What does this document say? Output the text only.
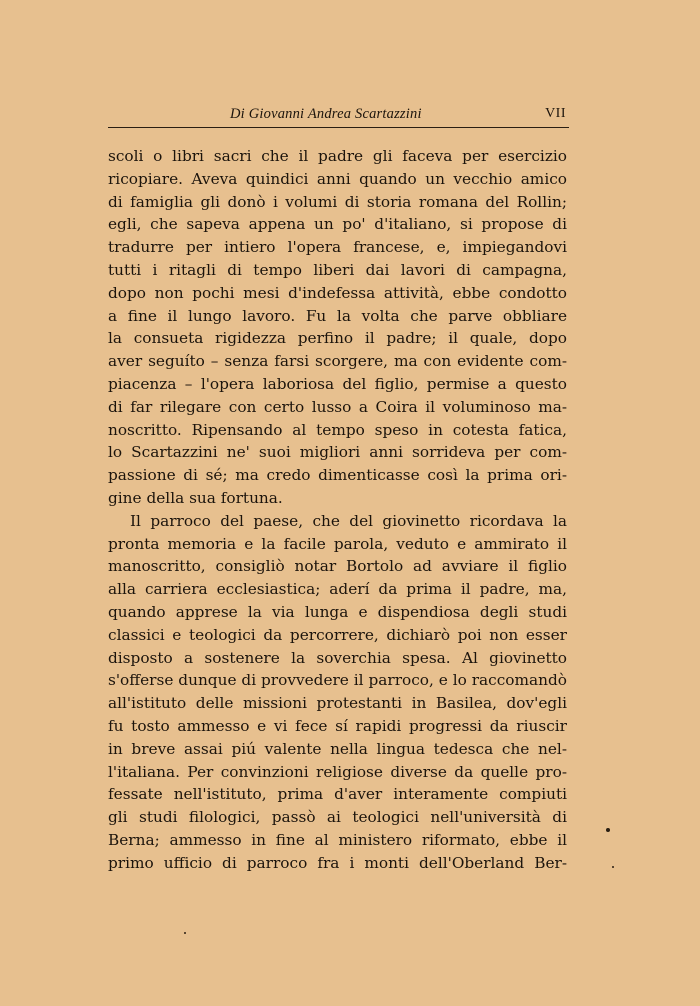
Di Giovanni Andrea Scartazzini	VII
scoli o libri sacri che il padre gli faceva per esercizio
ricopiare. Aveva quindici anni quando un vecchio amico
di famiglia gli donò i volumi di storia romana del Rollin;
egli, che sapeva appena un po' d'italiano, si propose di
tradurre per intiero l'opera francese, e, impiegandovi
tutti i ritagli di tempo liberi dai lavori di campagna,
dopo non pochi mesi d'indefessa attività, ebbe condotto
a fine il lungo lavoro. Fu la volta che parve obbliare
la consueta rigidezza perfino il padre; il quale, dopo
aver seguíto – senza farsi scorgere, ma con evidente com-
piacenza – l'opera laboriosa del figlio, permise a questo
di far rilegare con certo lusso a Coira il voluminoso ma-
noscritto. Ripensando al tempo speso in cotesta fatica,
lo Scartazzini ne' suoi migliori anni sorrideva per com-
passione di sé; ma credo dimenticasse così la prima ori-
gine della sua fortuna.
Il parroco del paese, che del giovinetto ricordava la
pronta memoria e la facile parola, veduto e ammirato il
manoscritto, consigliò notar Bortolo ad avviare il figlio
alla carriera ecclesiastica; aderí da prima il padre, ma,
quando apprese la via lunga e dispendiosa degli studi
classici e teologici da percorrere, dichiarò poi non esser
disposto a sostenere la soverchia spesa. Al giovinetto
s'offerse dunque di provvedere il parroco, e lo raccomandò
all'istituto delle missioni protestanti in Basilea, dov'egli
fu tosto ammesso e vi fece sí rapidi progressi da riuscir
in breve assai piú valente nella lingua tedesca che nel-
l'italiana. Per convinzioni religiose diverse da quelle pro-
fessate nell'istituto, prima d'aver interamente compiuti
gli studi filologici, passò ai teologici nell'università di
Berna; ammesso in fine al ministero riformato, ebbe il
primo ufficio di parroco fra i monti dell'Oberland Ber-
